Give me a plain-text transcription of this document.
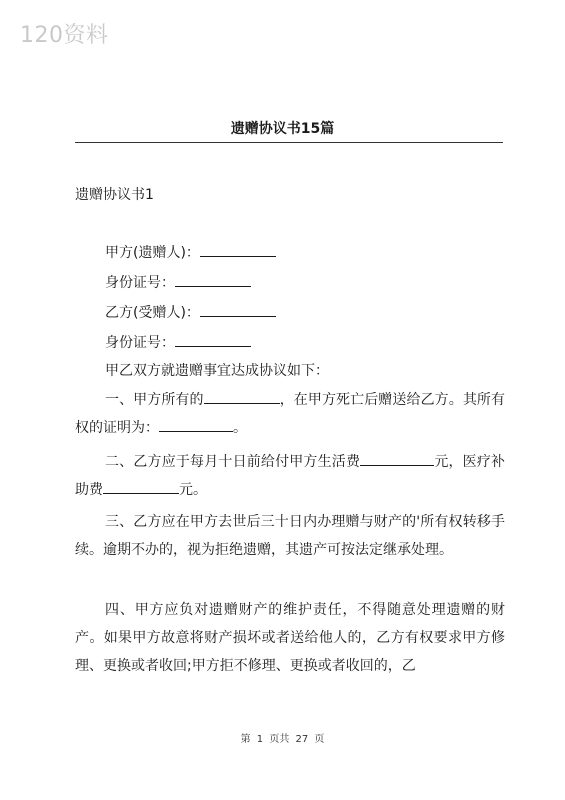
120资料
遗赠协议书15篇
遗赠协议书1
甲方(遗赠人)：
身份证号：
乙方(受赠人)：
身份证号：
甲乙双方就遗赠事宜达成协议如下：
一、甲方所有的	，在甲方死亡后赠送给乙方。其所有权的证明为：	。
二、乙方应于每月十日前给付甲方生活费	元，医疗补助费	元。
三、乙方应在甲方去世后三十日内办理赠与财产的'所有权转移手续。逾期不办的，视为拒绝遗赠，其遗产可按法定继承处理。
四、甲方应负对遗赠财产的维护责任，不得随意处理遗赠的财产。如果甲方故意将财产损坏或者送给他人的，乙方有权要求甲方修理、更换或者收回;甲方拒不修理、更换或者收回的，乙
第 1 页共 27 页
